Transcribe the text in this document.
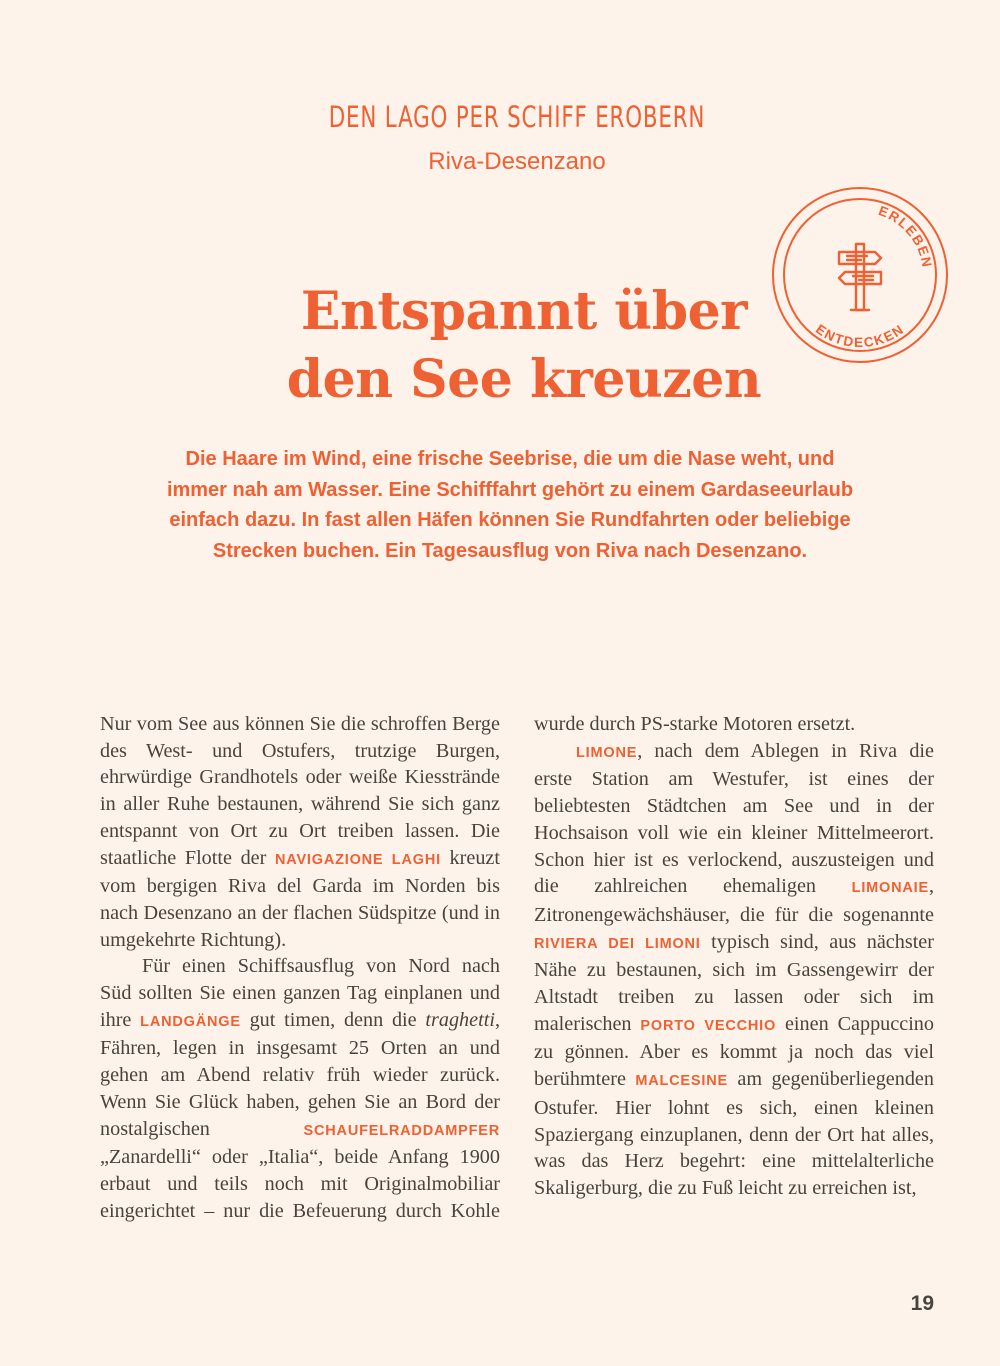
DEN LAGO PER SCHIFF EROBERN
Riva-Desenzano
ERLEBEN
ENTDECKEN
Entspannt über
den See kreuzen
Die Haare im Wind, eine frische Seebrise, die um die Nase weht, und immer nah am Wasser. Eine Schifffahrt gehört zu einem Gardaseeurlaub einfach dazu. In fast allen Häfen können Sie Rundfahrten oder beliebige Strecken buchen. Ein Tagesausflug von Riva nach Desenzano.

Nur vom See aus können Sie die schroffen Berge des West- und Ostufers, trutzige Burgen, ehrwürdige Grandhotels oder weiße Kiesstrände in aller Ruhe bestaunen, während Sie sich ganz entspannt von Ort zu Ort treiben lassen. Die staatliche Flotte der NAVIGAZIONE LAGHI kreuzt vom bergigen Riva del Garda im Norden bis nach Desenzano an der flachen Südspitze (und in umgekehrte Richtung).

Für einen Schiffsausflug von Nord nach Süd sollten Sie einen ganzen Tag einplanen und ihre LANDGÄNGE gut timen, denn die traghetti, Fähren, legen in insgesamt 25 Orten an und gehen am Abend relativ früh wieder zurück. Wenn Sie Glück haben, gehen Sie an Bord der nostalgischen SCHAUFELRADDAMPFER „Zanardelli“ oder „Italia“, beide Anfang 1900 erbaut und teils noch mit Originalmobiliar eingerichtet – nur die Befeuerung durch Kohle

wurde durch PS-starke Motoren ersetzt.

LIMONE, nach dem Ablegen in Riva die erste Station am Westufer, ist eines der beliebtesten Städtchen am See und in der Hochsaison voll wie ein kleiner Mittelmeerort. Schon hier ist es verlockend, auszusteigen und die zahlreichen ehemaligen LIMONAIE, Zitronengewächshäuser, die für die sogenannte RIVIERA DEI LIMONI typisch sind, aus nächster Nähe zu bestaunen, sich im Gassengewirr der Altstadt treiben zu lassen oder sich im malerischen PORTO VECCHIO einen Cappuccino zu gönnen. Aber es kommt ja noch das viel berühmtere MALCESINE am gegenüberliegenden Ostufer. Hier lohnt es sich, einen kleinen Spaziergang einzuplanen, denn der Ort hat alles, was das Herz begehrt: eine mittelalterliche Skaligerburg, die zu Fuß leicht zu erreichen ist,

19
